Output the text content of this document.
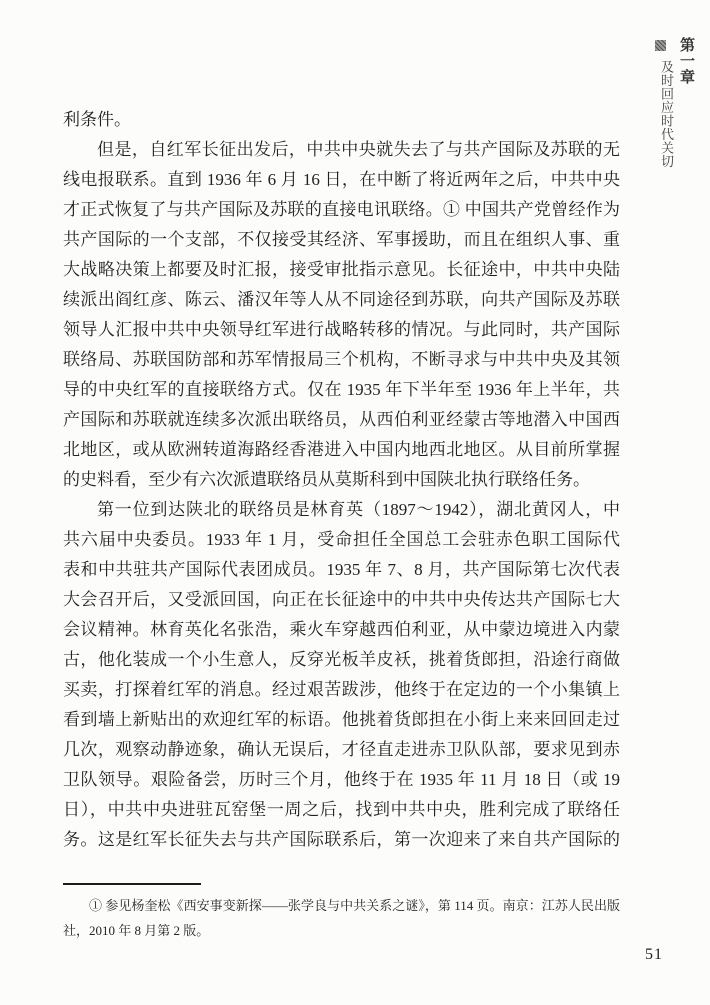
第一章
及时回应时代关切
利条件。
但是，自红军长征出发后，中共中央就失去了与共产国际及苏联的无
线电报联系。直到 1936 年 6 月 16 日，在中断了将近两年之后，中共中央
才正式恢复了与共产国际及苏联的直接电讯联络。① 中国共产党曾经作为
共产国际的一个支部，不仅接受其经济、军事援助，而且在组织人事、重
大战略决策上都要及时汇报，接受审批指示意见。长征途中，中共中央陆
续派出阎红彦、陈云、潘汉年等人从不同途径到苏联，向共产国际及苏联
领导人汇报中共中央领导红军进行战略转移的情况。与此同时，共产国际
联络局、苏联国防部和苏军情报局三个机构，不断寻求与中共中央及其领
导的中央红军的直接联络方式。仅在 1935 年下半年至 1936 年上半年，共
产国际和苏联就连续多次派出联络员，从西伯利亚经蒙古等地潜入中国西
北地区，或从欧洲转道海路经香港进入中国内地西北地区。从目前所掌握
的史料看，至少有六次派遣联络员从莫斯科到中国陕北执行联络任务。
第一位到达陕北的联络员是林育英（1897～1942），湖北黄冈人，中
共六届中央委员。1933 年 1 月，受命担任全国总工会驻赤色职工国际代
表和中共驻共产国际代表团成员。1935 年 7、8 月，共产国际第七次代表
大会召开后，又受派回国，向正在长征途中的中共中央传达共产国际七大
会议精神。林育英化名张浩，乘火车穿越西伯利亚，从中蒙边境进入内蒙
古，他化装成一个小生意人，反穿光板羊皮袄，挑着货郎担，沿途行商做
买卖，打探着红军的消息。经过艰苦跋涉，他终于在定边的一个小集镇上
看到墙上新贴出的欢迎红军的标语。他挑着货郎担在小街上来来回回走过
几次，观察动静迹象，确认无误后，才径直走进赤卫队队部，要求见到赤
卫队领导。艰险备尝，历时三个月，他终于在 1935 年 11 月 18 日（或 19
日），中共中央进驻瓦窑堡一周之后，找到中共中央，胜利完成了联络任
务。这是红军长征失去与共产国际联系后，第一次迎来了来自共产国际的
① 参见杨奎松《西安事变新探——张学良与中共关系之谜》，第 114 页。南京：江苏人民出版
社，2010 年 8 月第 2 版。
51
